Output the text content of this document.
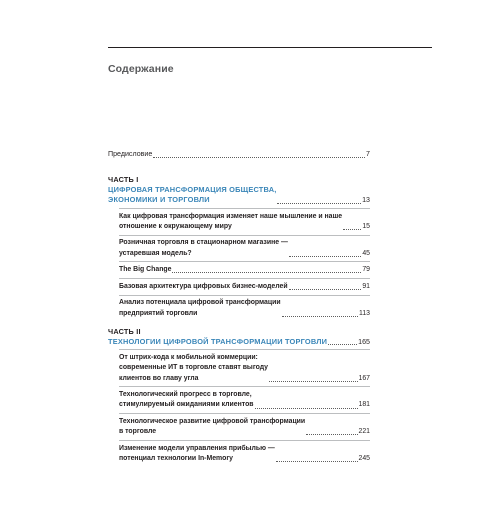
Содержание
Предисловие	7
ЧАСТЬ I
ЦИФРОВАЯ ТРАНСФОРМАЦИЯ ОБЩЕСТВА,
ЭКОНОМИКИ И ТОРГОВЛИ	13
Как цифровая трансформация изменяет наше мышление и наше
отношение к окружающему миру	15
Розничная торговля в стационарном магазине —
устаревшая модель?	45
The Big Change	79
Базовая архитектура цифровых бизнес-моделей	91
Анализ потенциала цифровой трансформации
предприятий торговли	113
ЧАСТЬ II
ТЕХНОЛОГИИ ЦИФРОВОЙ ТРАНСФОРМАЦИИ ТОРГОВЛИ	165
От штрих-кода к мобильной коммерции:
современные ИТ в торговле ставят выгоду
клиентов во главу угла	167
Технологический прогресс в торговле,
стимулируемый ожиданиями клиентов	181
Технологическое развитие цифровой трансформации
в торговле	221
Изменение модели управления прибылью —
потенциал технологии In-Memory	245
